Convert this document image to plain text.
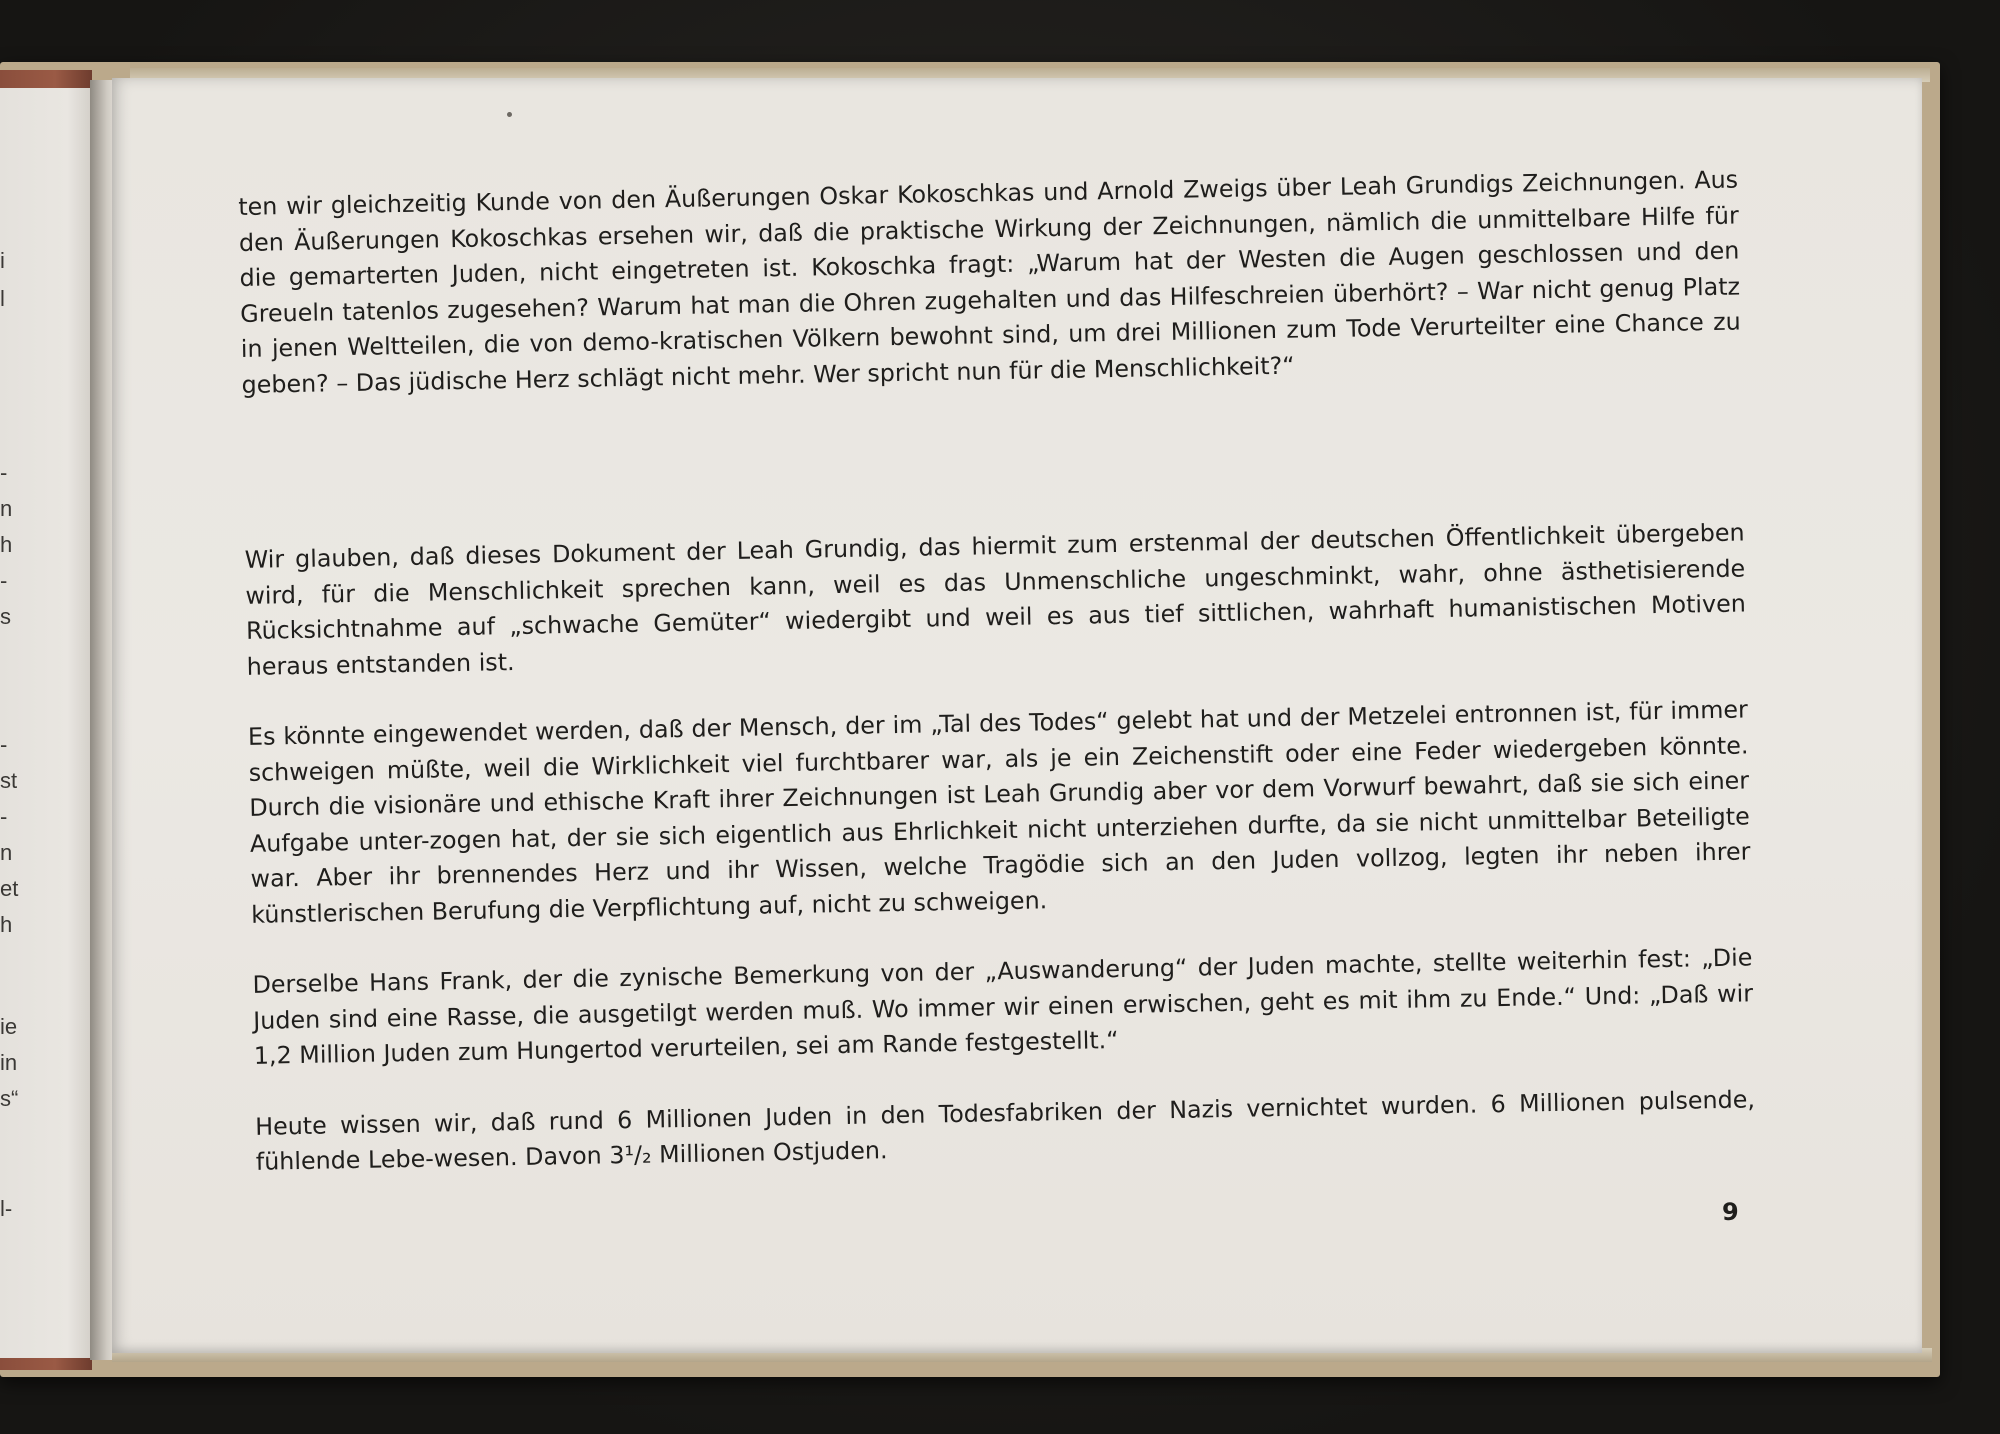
i
l
-
n
h
-
s
-
st
-
n
et
h
ie
in
s“
l-

ten wir gleichzeitig Kunde von den Äußerungen Oskar Kokoschkas und Arnold Zweigs über Leah Grundigs Zeichnungen. Aus den Äußerungen Kokoschkas ersehen wir, daß die praktische Wirkung der Zeichnungen, nämlich die unmittelbare Hilfe für die gemarterten Juden, nicht eingetreten ist. Kokoschka fragt: „Warum hat der Westen die Augen geschlossen und den Greueln tatenlos zugesehen? Warum hat man die Ohren zugehalten und das Hilfeschreien überhört? – War nicht genug Platz in jenen Weltteilen, die von demo-kratischen Völkern bewohnt sind, um drei Millionen zum Tode Verurteilter eine Chance zu geben? – Das jüdische Herz schlägt nicht mehr. Wer spricht nun für die Menschlichkeit?“

Wir glauben, daß dieses Dokument der Leah Grundig, das hiermit zum erstenmal der deutschen Öffentlichkeit übergeben wird, für die Menschlichkeit sprechen kann, weil es das Unmenschliche ungeschminkt, wahr, ohne ästhetisierende Rücksichtnahme auf „schwache Gemüter“ wiedergibt und weil es aus tief sittlichen, wahrhaft humanistischen Motiven heraus entstanden ist.

Es könnte eingewendet werden, daß der Mensch, der im „Tal des Todes“ gelebt hat und der Metzelei entronnen ist, für immer schweigen müßte, weil die Wirklichkeit viel furchtbarer war, als je ein Zeichenstift oder eine Feder wiedergeben könnte. Durch die visionäre und ethische Kraft ihrer Zeichnungen ist Leah Grundig aber vor dem Vorwurf bewahrt, daß sie sich einer Aufgabe unter-zogen hat, der sie sich eigentlich aus Ehrlichkeit nicht unterziehen durfte, da sie nicht unmittelbar Beteiligte war. Aber ihr brennendes Herz und ihr Wissen, welche Tragödie sich an den Juden vollzog, legten ihr neben ihrer künstlerischen Berufung die Verpflichtung auf, nicht zu schweigen.

Derselbe Hans Frank, der die zynische Bemerkung von der „Auswanderung“ der Juden machte, stellte weiterhin fest: „Die Juden sind eine Rasse, die ausgetilgt werden muß. Wo immer wir einen erwischen, geht es mit ihm zu Ende.“ Und: „Daß wir 1,2 Million Juden zum Hungertod verurteilen, sei am Rande festgestellt.“

Heute wissen wir, daß rund 6 Millionen Juden in den Todesfabriken der Nazis vernichtet wurden. 6 Millionen pulsende, fühlende Lebe-wesen. Davon 3¹/₂ Millionen Ostjuden.

9
